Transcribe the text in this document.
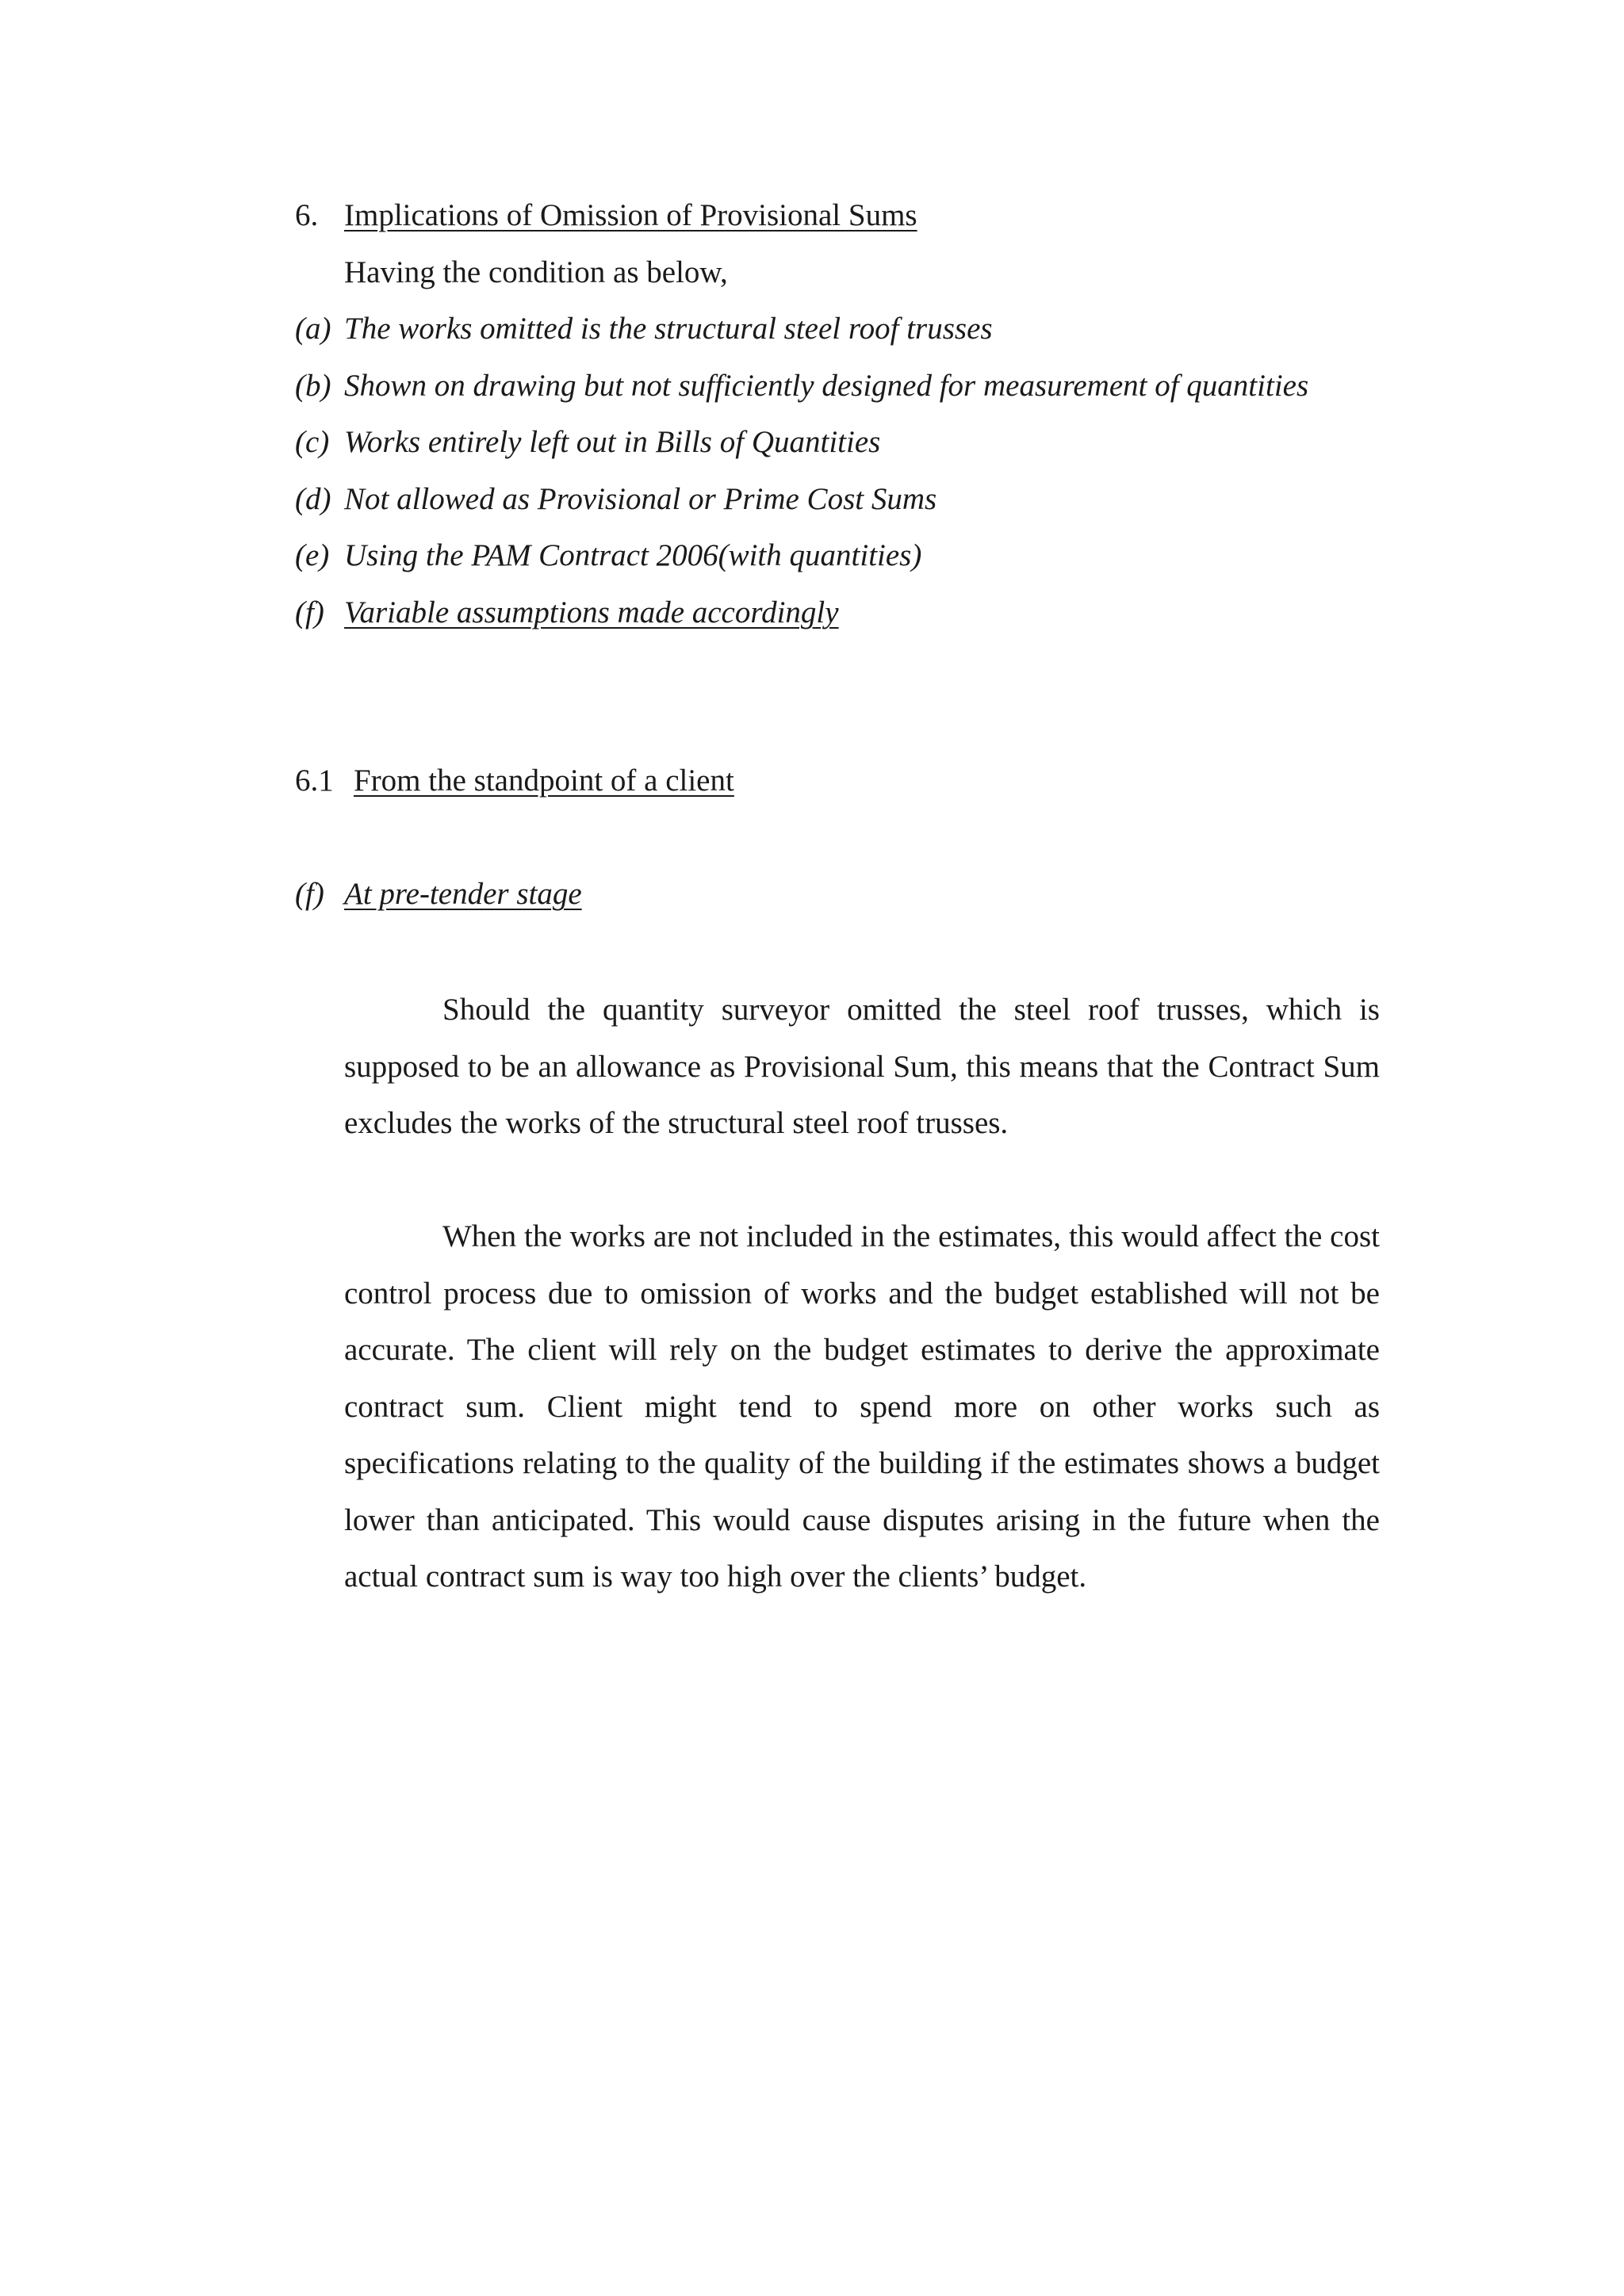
6. Implications of Omission of Provisional Sums
Having the condition as below,
(a) The works omitted is the structural steel roof trusses
(b) Shown on drawing but not sufficiently designed for measurement of quantities
(c) Works entirely left out in Bills of Quantities
(d) Not allowed as Provisional or Prime Cost Sums
(e) Using the PAM Contract 2006(with quantities)
(f) Variable assumptions made accordingly
6.1 From the standpoint of a client
(f) At pre-tender stage

Should the quantity surveyor omitted the steel roof trusses, which is supposed to be an allowance as Provisional Sum, this means that the Contract Sum excludes the works of the structural steel roof trusses.

When the works are not included in the estimates, this would affect the cost control process due to omission of works and the budget established will not be accurate. The client will rely on the budget estimates to derive the approximate contract sum. Client might tend to spend more on other works such as specifications relating to the quality of the building if the estimates shows a budget lower than anticipated. This would cause disputes arising in the future when the actual contract sum is way too high over the clients’ budget.
